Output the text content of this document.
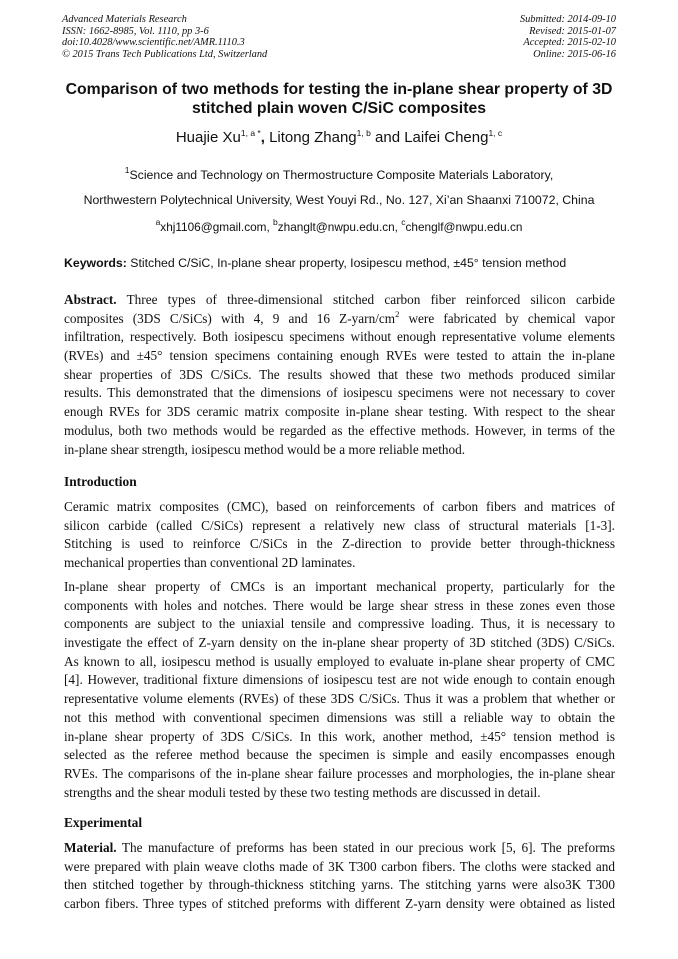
Advanced Materials Research
ISSN: 1662-8985, Vol. 1110, pp 3-6
doi:10.4028/www.scientific.net/AMR.1110.3
© 2015 Trans Tech Publications Ltd, Switzerland
Submitted: 2014-09-10
Revised: 2015-01-07
Accepted: 2015-02-10
Online: 2015-06-16
Comparison of two methods for testing the in-plane shear property of 3D
stitched plain woven C/SiC composites
Huajie $Xu^{1, a *}$, Litong Zhang$^{1, b}$ and Laifei Cheng$^{1, c}$
$^1$Science and Technology on Thermostructure Composite Materials Laboratory,
Northwestern Polytechnical University, West Youyi Rd., No. 127, Xi’an Shaanxi 710072, China
$^a$xhj1106@gmail.com, $^b$zhanglt@nwpu.edu.cn, $^c$chenglf@nwpu.edu.cn
Keywords: Stitched C/SiC, In-plane shear property, Iosipescu method, ±45° tension method
Abstract. Three types of three-dimensional stitched carbon fiber reinforced silicon carbide
composites (3DS C/SiCs) with 4, 9 and 16 $Z-yarn/cm^2$ were fabricated by chemical vapor
infiltration, respectively. Both iosipescu specimens without enough representative volume elements
(RVEs) and ±45° tension specimens containing enough RVEs were tested to attain the in-plane
shear properties of 3DS C/SiCs. The results showed that these two methods produced similar
results. This demonstrated that the dimensions of iosipescu specimens were not necessary to cover
enough RVEs for 3DS ceramic matrix composite in-plane shear testing. With respect to the shear
modulus, both two methods would be regarded as the effective methods. However, in terms of the
in-plane shear strength, iosipescu method would be a more reliable method.
Introduction
Ceramic matrix composites (CMC), based on reinforcements of carbon fibers and matrices of
silicon carbide (called C/SiCs) represent a relatively new class of structural materials [1-3].
Stitching is used to reinforce C/SiCs in the Z-direction to provide better through-thickness
mechanical properties than conventional 2D laminates.
In-plane shear property of CMCs is an important mechanical property, particularly for the
components with holes and notches. There would be large shear stress in these zones even those
components are subject to the uniaxial tensile and compressive loading. Thus, it is necessary to
investigate the effect of Z-yarn density on the in-plane shear property of 3D stitched (3DS) C/SiCs.
As known to all, iosipescu method is usually employed to evaluate in-plane shear property of CMC
[4]. However, traditional fixture dimensions of iosipescu test are not wide enough to contain enough
representative volume elements (RVEs) of these 3DS C/SiCs. Thus it was a problem that whether or
not this method with conventional specimen dimensions was still a reliable way to obtain the
in-plane shear property of 3DS C/SiCs. In this work, another method, ±45° tension method is
selected as the referee method because the specimen is simple and easily encompasses enough
RVEs. The comparisons of the in-plane shear failure processes and morphologies, the in-plane shear
strengths and the shear moduli tested by these two testing methods are discussed in detail.
Experimental
Material. The manufacture of preforms has been stated in our precious work [5, 6]. The preforms
were prepared with plain weave cloths made of 3K T300 carbon fibers. The cloths were stacked and
then stitched together by through-thickness stitching yarns. The stitching yarns were also3K T300
carbon fibers. Three types of stitched preforms with different Z-yarn density were obtained as listed
